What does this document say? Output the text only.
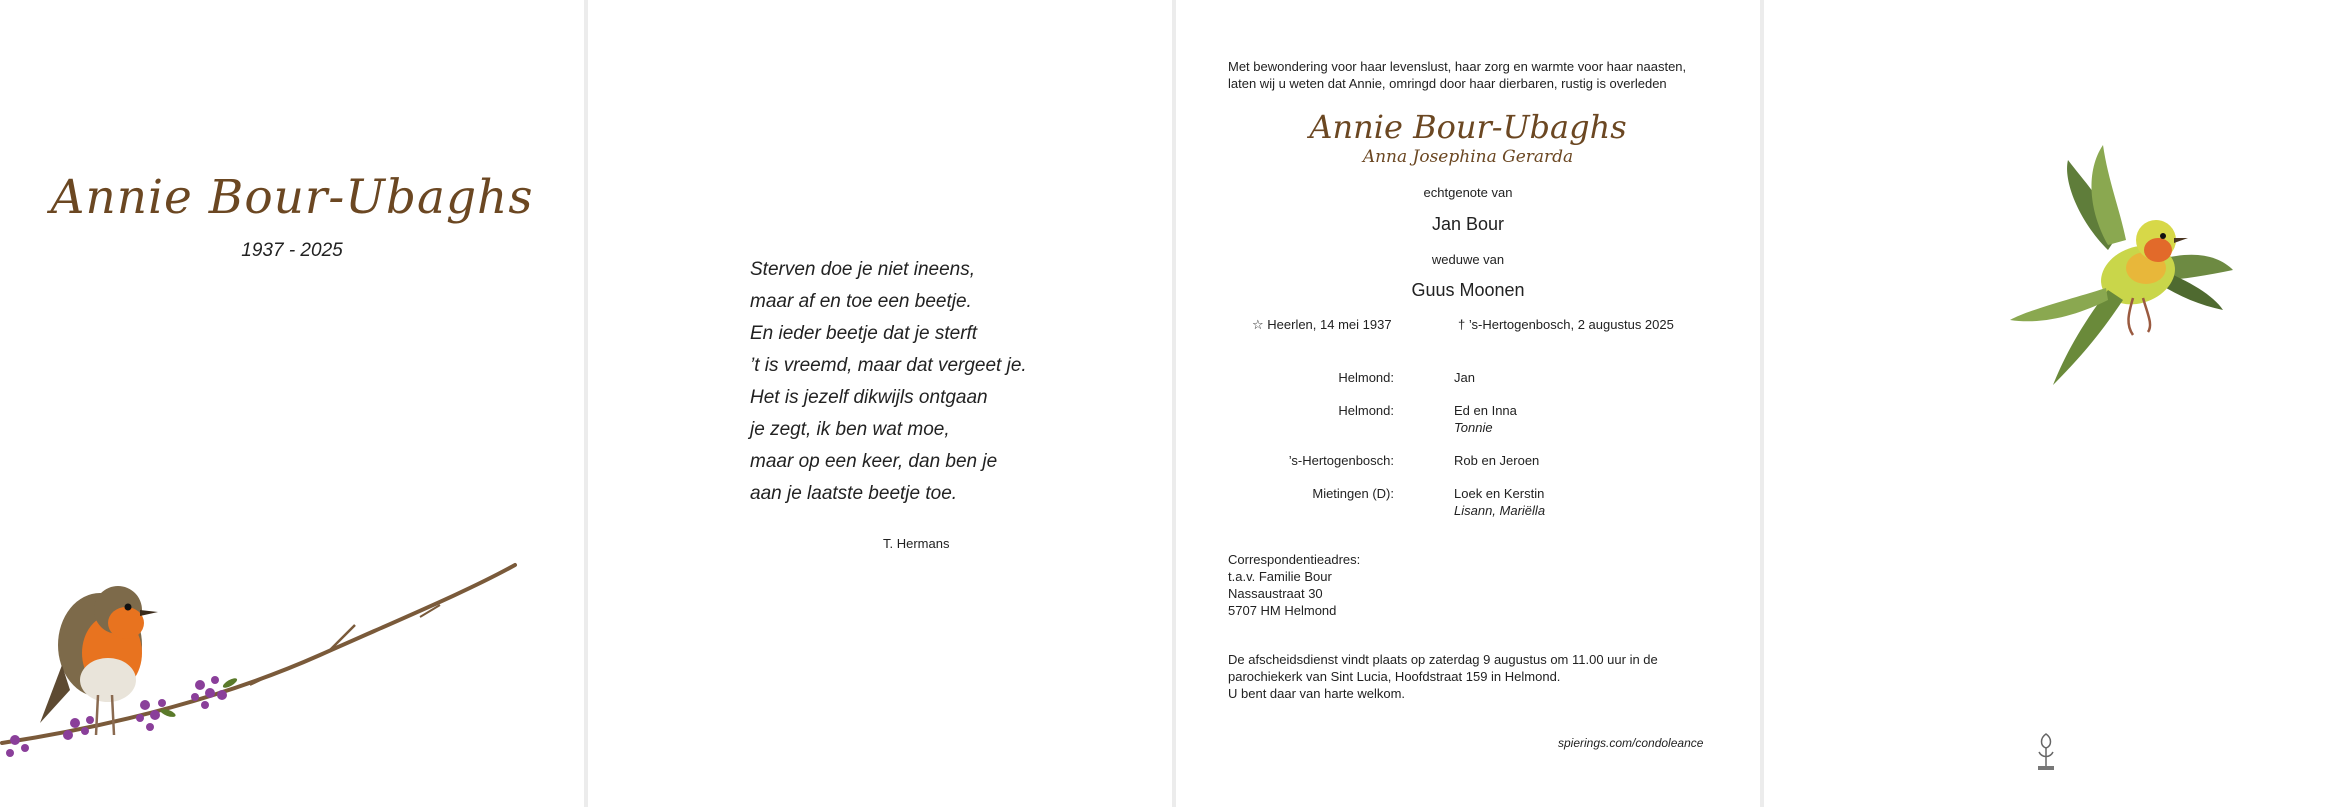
Annie Bour-Ubaghs
1937 - 2025
Sterven doe je niet ineens,
maar af en toe een beetje.
En ieder beetje dat je sterft
’t is vreemd, maar dat vergeet je.
Het is jezelf dikwijls ontgaan
je zegt, ik ben wat moe,
maar op een keer, dan ben je
aan je laatste beetje toe.
T. Hermans
Met bewondering voor haar levenslust, haar zorg en warmte voor haar naasten,
laten wij u weten dat Annie, omringd door haar dierbaren, rustig is overleden
Annie Bour-Ubaghs
Anna Josephina Gerarda
echtgenote van
Jan Bour
weduwe van
Guus Moonen
☆ Heerlen, 14 mei 1937	† ’s-Hertogenbosch, 2 augustus 2025
Helmond:	Jan
Helmond:	Ed en Inna
Tonnie
’s-Hertogenbosch:	Rob en Jeroen
Mietingen (D):	Loek en Kerstin
Lisann, Mariëlla
Correspondentieadres:
t.a.v. Familie Bour
Nassaustraat 30
5707 HM Helmond
De afscheidsdienst vindt plaats op zaterdag 9 augustus om 11.00 uur in de
parochiekerk van Sint Lucia, Hoofdstraat 159 in Helmond.
U bent daar van harte welkom.
spierings.com/condoleance
